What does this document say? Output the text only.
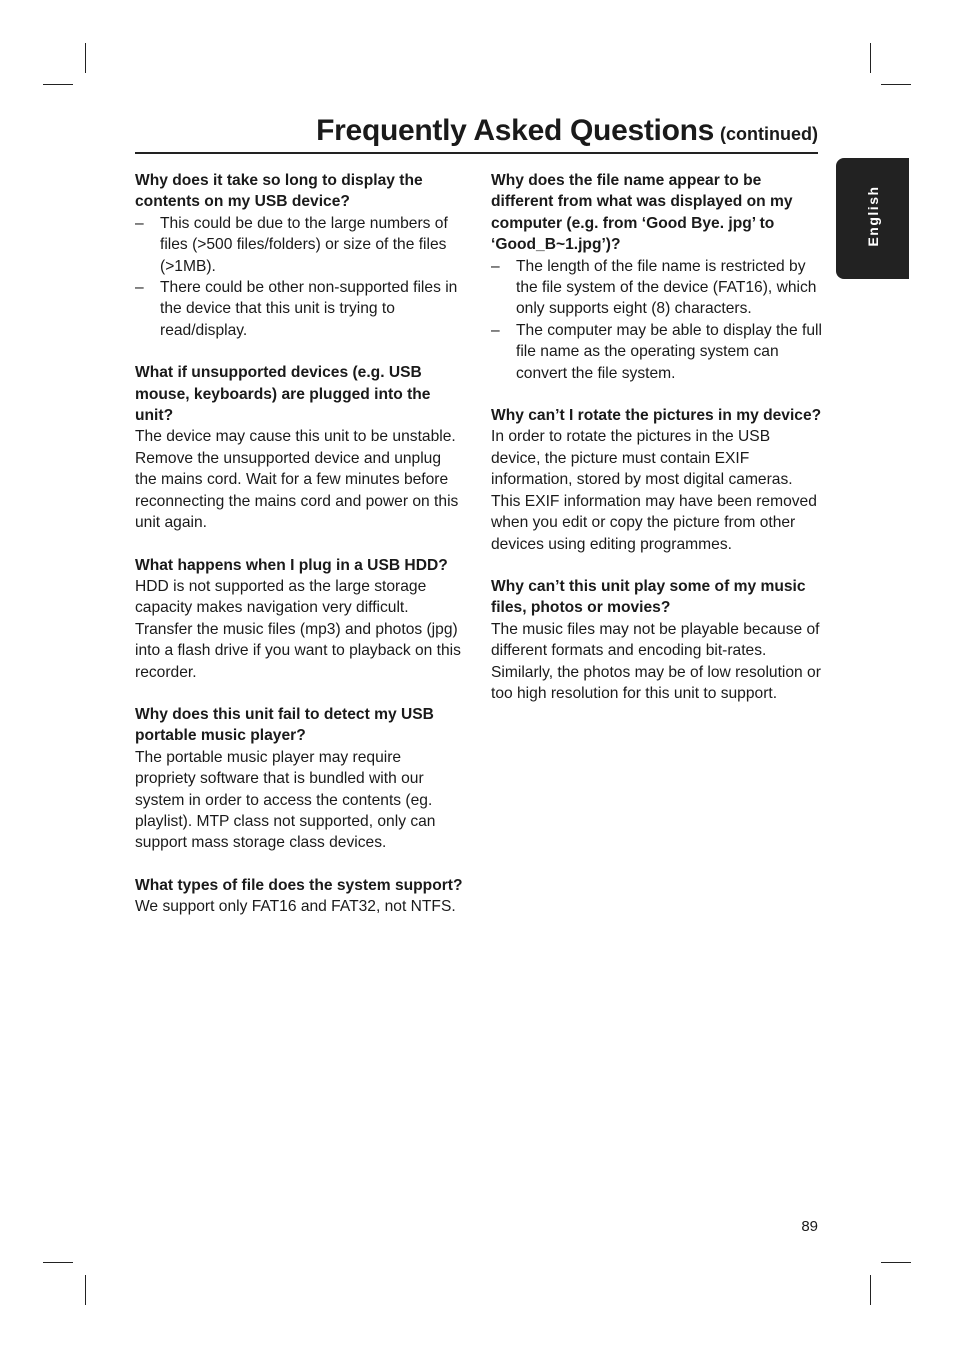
Frequently Asked Questions (continued)
English

Why does it take so long to display the contents on my USB device?

– This could be due to the large numbers of files (>500 files/folders) or size of the files (>1MB).
– There could be other non-supported files in the device that this unit is trying to read/display.

What if unsupported devices (e.g. USB mouse, keyboards) are plugged into the unit?

The device may cause this unit to be unstable. Remove the unsupported device and unplug the mains cord. Wait for a few minutes before reconnecting the mains cord and power on this unit again.

What happens when I plug in a USB HDD?

HDD is not supported as the large storage capacity makes navigation very difficult. Transfer the music files (mp3) and photos (jpg) into a flash drive if you want to playback on this recorder.

Why does this unit fail to detect my USB portable music player?

The portable music player may require propriety software that is bundled with our system in order to access the contents (eg. playlist). MTP class not supported, only can support mass storage class devices.

What types of file does the system support?

We support only FAT16 and FAT32, not NTFS.

Why does the file name appear to be different from what was displayed on my computer (e.g. from ‘Good Bye. jpg’ to ‘Good_B~1.jpg’)?

– The length of the file name is restricted by the file system of the device (FAT16), which only supports eight (8) characters.
– The computer may be able to display the full file name as the operating system can convert the file system.

Why can’t I rotate the pictures in my device?

In order to rotate the pictures in the USB device, the picture must contain EXIF information, stored by most digital cameras. This EXIF information may have been removed when you edit or copy the picture from other devices using editing programmes.

Why can’t this unit play some of my music files, photos or movies?

The music files may not be playable because of different formats and encoding bit-rates. Similarly, the photos may be of low resolution or too high resolution for this unit to support.

89
